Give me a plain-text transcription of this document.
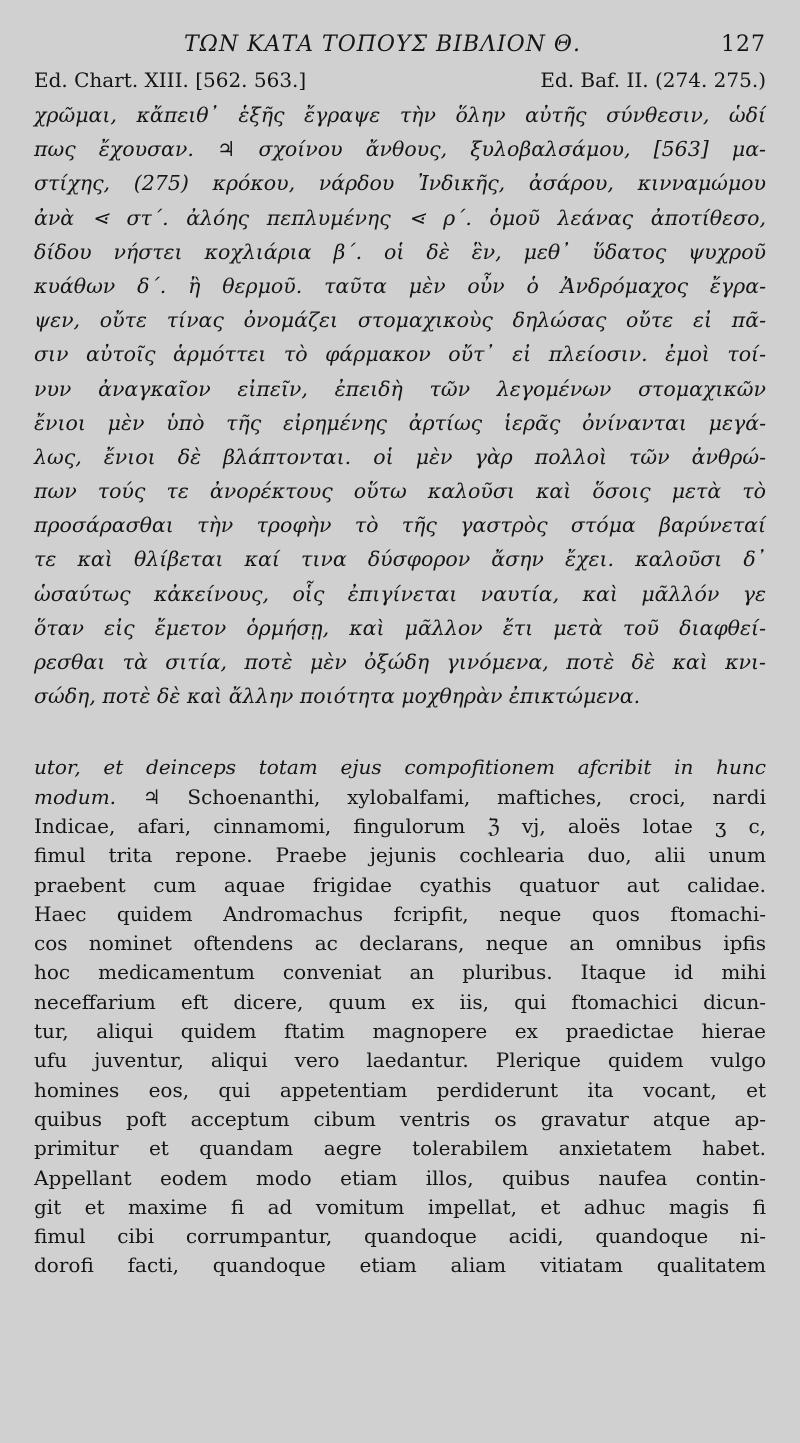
ΤΩΝ ΚΑΤΑ ΤΟΠΟΥΣ ΒΙΒΛΙΟΝ Θ.	127
Ed. Chart. XIII. [562. 563.]	Ed. Baf. II. (274. 275.)
χρῶμαι, κἄπειθ᾽ ἑξῆς ἔγραψε τὴν ὅλην αὐτῆς σύνθεσιν, ὡδί
πως ἔχουσαν. ♃ σχοίνου ἄνθους, ξυλοβαλσάμου, [563] μα-
στίχης, (275) κρόκου, νάρδου Ἰνδικῆς, ἀσάρου, κινναμώμου
ἀνὰ ⋖ στ΄. ἀλόης πεπλυμένης ⋖ ρ΄. ὁμοῦ λεάνας ἀποτίθεσο,
δίδου νήστει κοχλιάρια β΄. οἱ δὲ ἓν, μεθ᾽ ὕδατος ψυχροῦ
κυάθων δ΄. ἢ θερμοῦ. ταῦτα μὲν οὖν ὁ Ἀνδρόμαχος ἔγρα-
ψεν, οὔτε τίνας ὀνομάζει στομαχικοὺς δηλώσας οὔτε εἰ πᾶ-
σιν αὐτοῖς ἁρμόττει τὸ φάρμακον οὔτ᾽ εἰ πλείοσιν. ἐμοὶ τοί-
νυν ἀναγκαῖον εἰπεῖν, ἐπειδὴ τῶν λεγομένων στομαχικῶν
ἔνιοι μὲν ὑπὸ τῆς εἰρημένης ἀρτίως ἱερᾶς ὀνίνανται μεγά-
λως, ἔνιοι δὲ βλάπτονται. οἱ μὲν γὰρ πολλοὶ τῶν ἀνθρώ-
πων τούς τε ἀνορέκτους οὕτω καλοῦσι καὶ ὅσοις μετὰ τὸ
προσάρασθαι τὴν τροφὴν τὸ τῆς γαστρὸς στόμα βαρύνεταί
τε καὶ θλίβεται καί τινα δύσφορον ἄσην ἔχει. καλοῦσι δ᾽
ὡσαύτως κἀκείνους, οἷς ἐπιγίνεται ναυτία, καὶ μᾶλλόν γε
ὅταν εἰς ἔμετον ὁρμήσῃ, καὶ μᾶλλον ἔτι μετὰ τοῦ διαφθεί-
ρεσθαι τὰ σιτία, ποτὲ μὲν ὀξώδη γινόμενα, ποτὲ δὲ καὶ κνι-
σώδη, ποτὲ δὲ καὶ ἄλλην ποιότητα μοχθηρὰν ἐπικτώμενα.
utor, et deinceps totam ejus compofitionem afcribit in hunc
modum. ♃ Schoenanthi, xylobalfami, maftiches, croci, nardi
Indicae, afari, cinnamomi, fingulorum ℨ vj, aloës lotae ʒ c,
fimul trita repone. Praebe jejunis cochlearia duo, alii unum
praebent cum aquae frigidae cyathis quatuor aut calidae.
Haec quidem Andromachus fcripfit, neque quos ftomachi-
cos nominet oftendens ac declarans, neque an omnibus ipfis
hoc medicamentum conveniat an pluribus. Itaque id mihi
neceffarium eft dicere, quum ex iis, qui ftomachici dicun-
tur, aliqui quidem ftatim magnopere ex praedictae hierae
ufu juventur, aliqui vero laedantur. Plerique quidem vulgo
homines eos, qui appetentiam perdiderunt ita vocant, et
quibus poft acceptum cibum ventris os gravatur atque ap-
primitur et quandam aegre tolerabilem anxietatem habet.
Appellant eodem modo etiam illos, quibus naufea contin-
git et maxime fi ad vomitum impellat, et adhuc magis fi
fimul cibi corrumpantur, quandoque acidi, quandoque ni-
dorofi facti, quandoque etiam aliam vitiatam qualitatem
